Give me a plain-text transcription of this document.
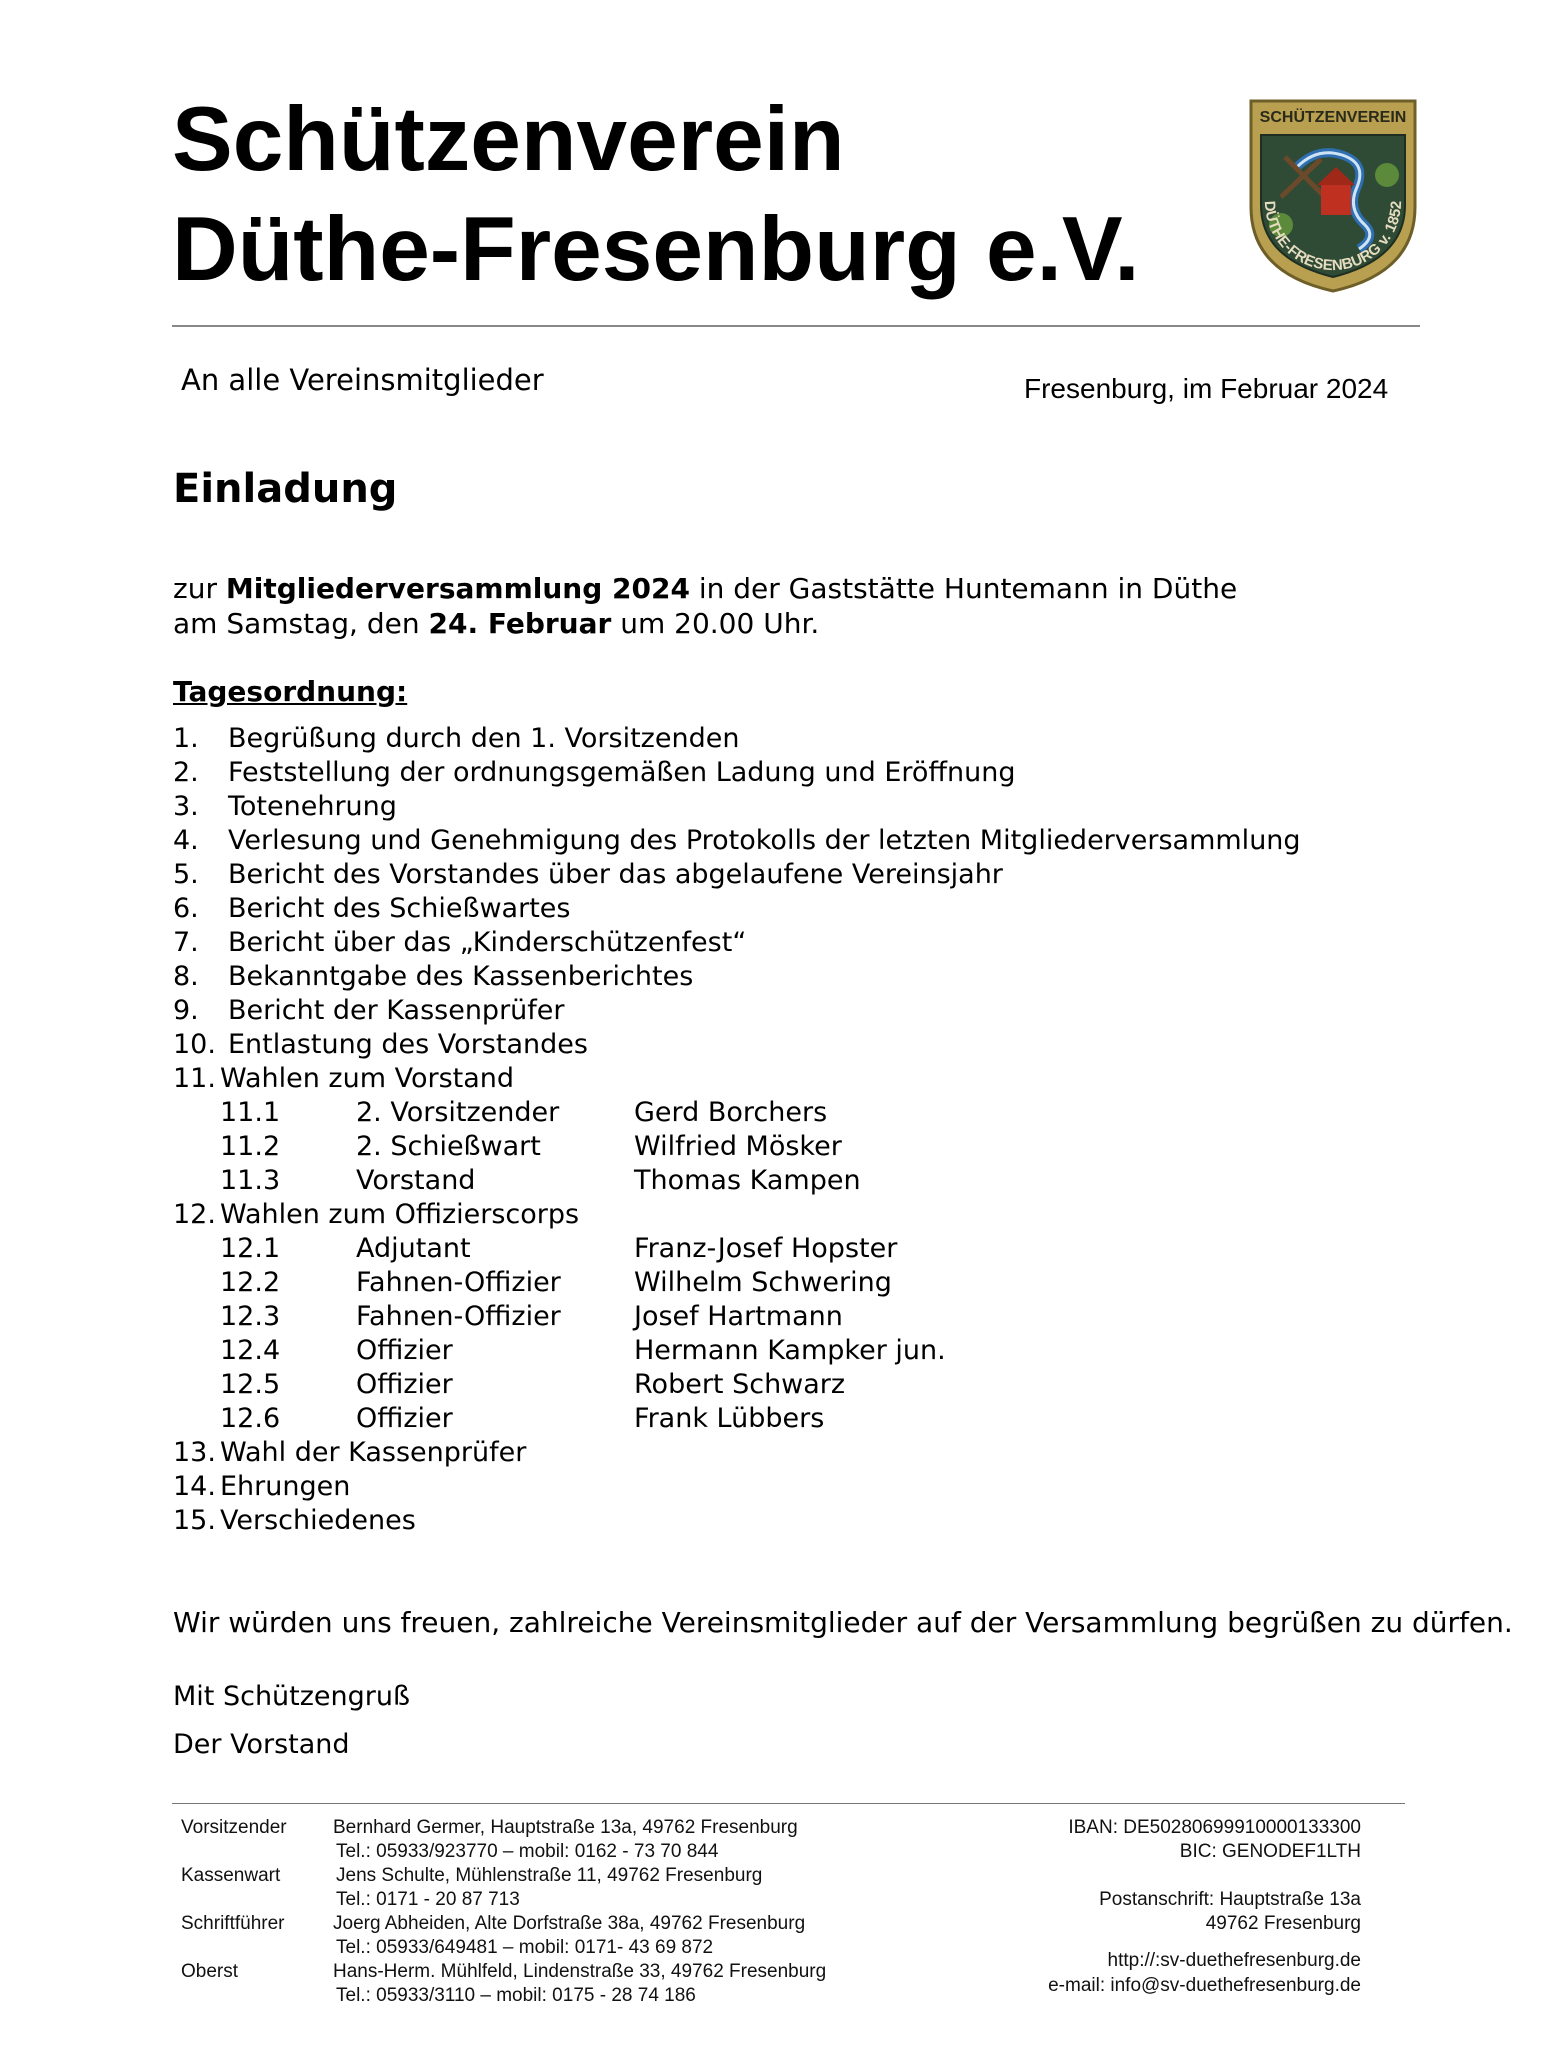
Schützenverein
Düthe-Fresenburg e.V.
SCHÜTZENVEREIN
DÜTHE-FRESENBURG v. 1852
An alle Vereinsmitglieder	Fresenburg, im Februar 2024
Einladung
zur Mitgliederversammlung 2024 in der Gaststätte Huntemann in Düthe
am Samstag, den 24. Februar um 20.00 Uhr.
Tagesordnung:
1. Begrüßung durch den 1. Vorsitzenden
2. Feststellung der ordnungsgemäßen Ladung und Eröffnung
3. Totenehrung
4. Verlesung und Genehmigung des Protokolls der letzten Mitgliederversammlung
5. Bericht des Vorstandes über das abgelaufene Vereinsjahr
6. Bericht des Schießwartes
7. Bericht über das „Kinderschützenfest“
8. Bekanntgabe des Kassenberichtes
9. Bericht der Kassenprüfer
10. Entlastung des Vorstandes
11. Wahlen zum Vorstand
11.1	2. Vorsitzender	Gerd Borchers
11.2	2. Schießwart	Wilfried Mösker
11.3	Vorstand	Thomas Kampen
12. Wahlen zum Offizierscorps
12.1	Adjutant	Franz-Josef Hopster
12.2	Fahnen-Offizier	Wilhelm Schwering
12.3	Fahnen-Offizier	Josef Hartmann
12.4	Offizier	Hermann Kampker jun.
12.5	Offizier	Robert Schwarz
12.6	Offizier	Frank Lübbers
13. Wahl der Kassenprüfer
14. Ehrungen
15. Verschiedenes
Wir würden uns freuen, zahlreiche Vereinsmitglieder auf der Versammlung begrüßen zu dürfen.
Mit Schützengruß
Der Vorstand
Vorsitzender Bernhard Germer, Hauptstraße 13a, 49762 Fresenburg
Tel.: 05933/923770 – mobil: 0162 - 73 70 844
Kassenwart	Jens Schulte, Mühlenstraße 11, 49762 Fresenburg
Tel.: 0171 - 20 87 713
Schriftführer	Joerg Abheiden, Alte Dorfstraße 38a, 49762 Fresenburg
Tel.: 05933/649481 – mobil: 0171- 43 69 872
Oberst	Hans-Herm. Mühlfeld, Lindenstraße 33, 49762 Fresenburg
Tel.: 05933/3110 – mobil: 0175 - 28 74 186
IBAN: DE50280699910000133300
BIC: GENODEF1LTH
Postanschrift: Hauptstraße 13a
49762 Fresenburg
http://:sv-duethefresenburg.de
e-mail: info@sv-duethefresenburg.de
